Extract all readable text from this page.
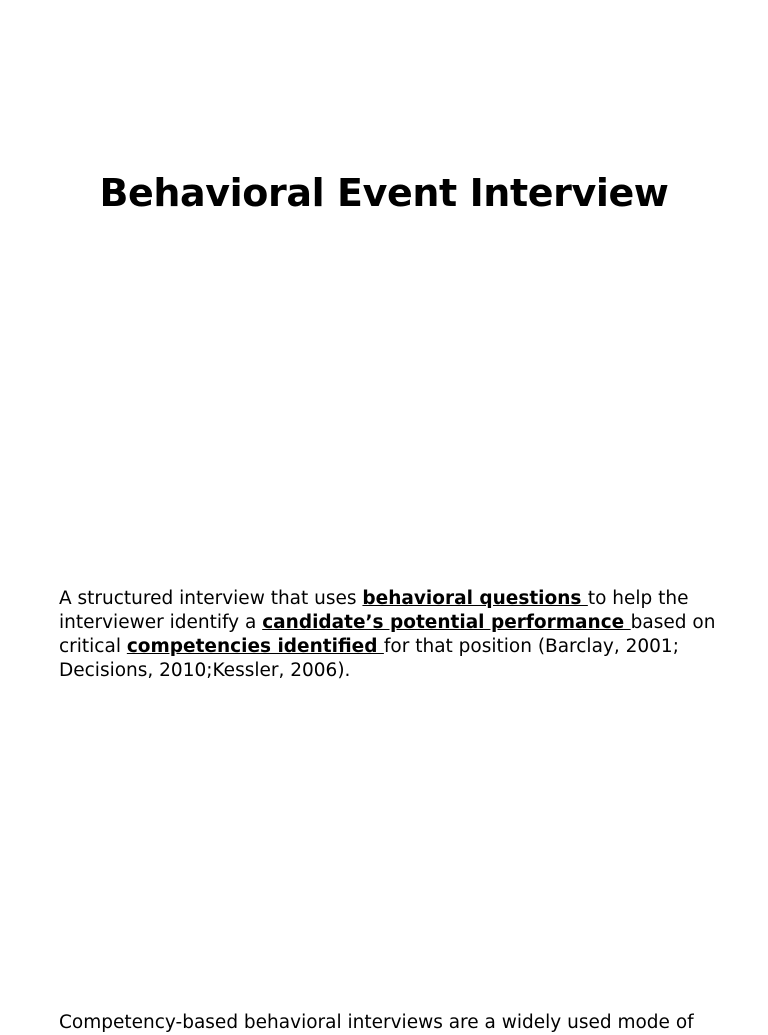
Behavioral Event Interview

A structured interview that uses behavioral questions to help the interviewer identify a candidate’s potential performance based on critical competencies identified for that position (Barclay, 2001; Decisions, 2010;Kessler, 2006).

Competency-based behavioral interviews are a widely used mode of
